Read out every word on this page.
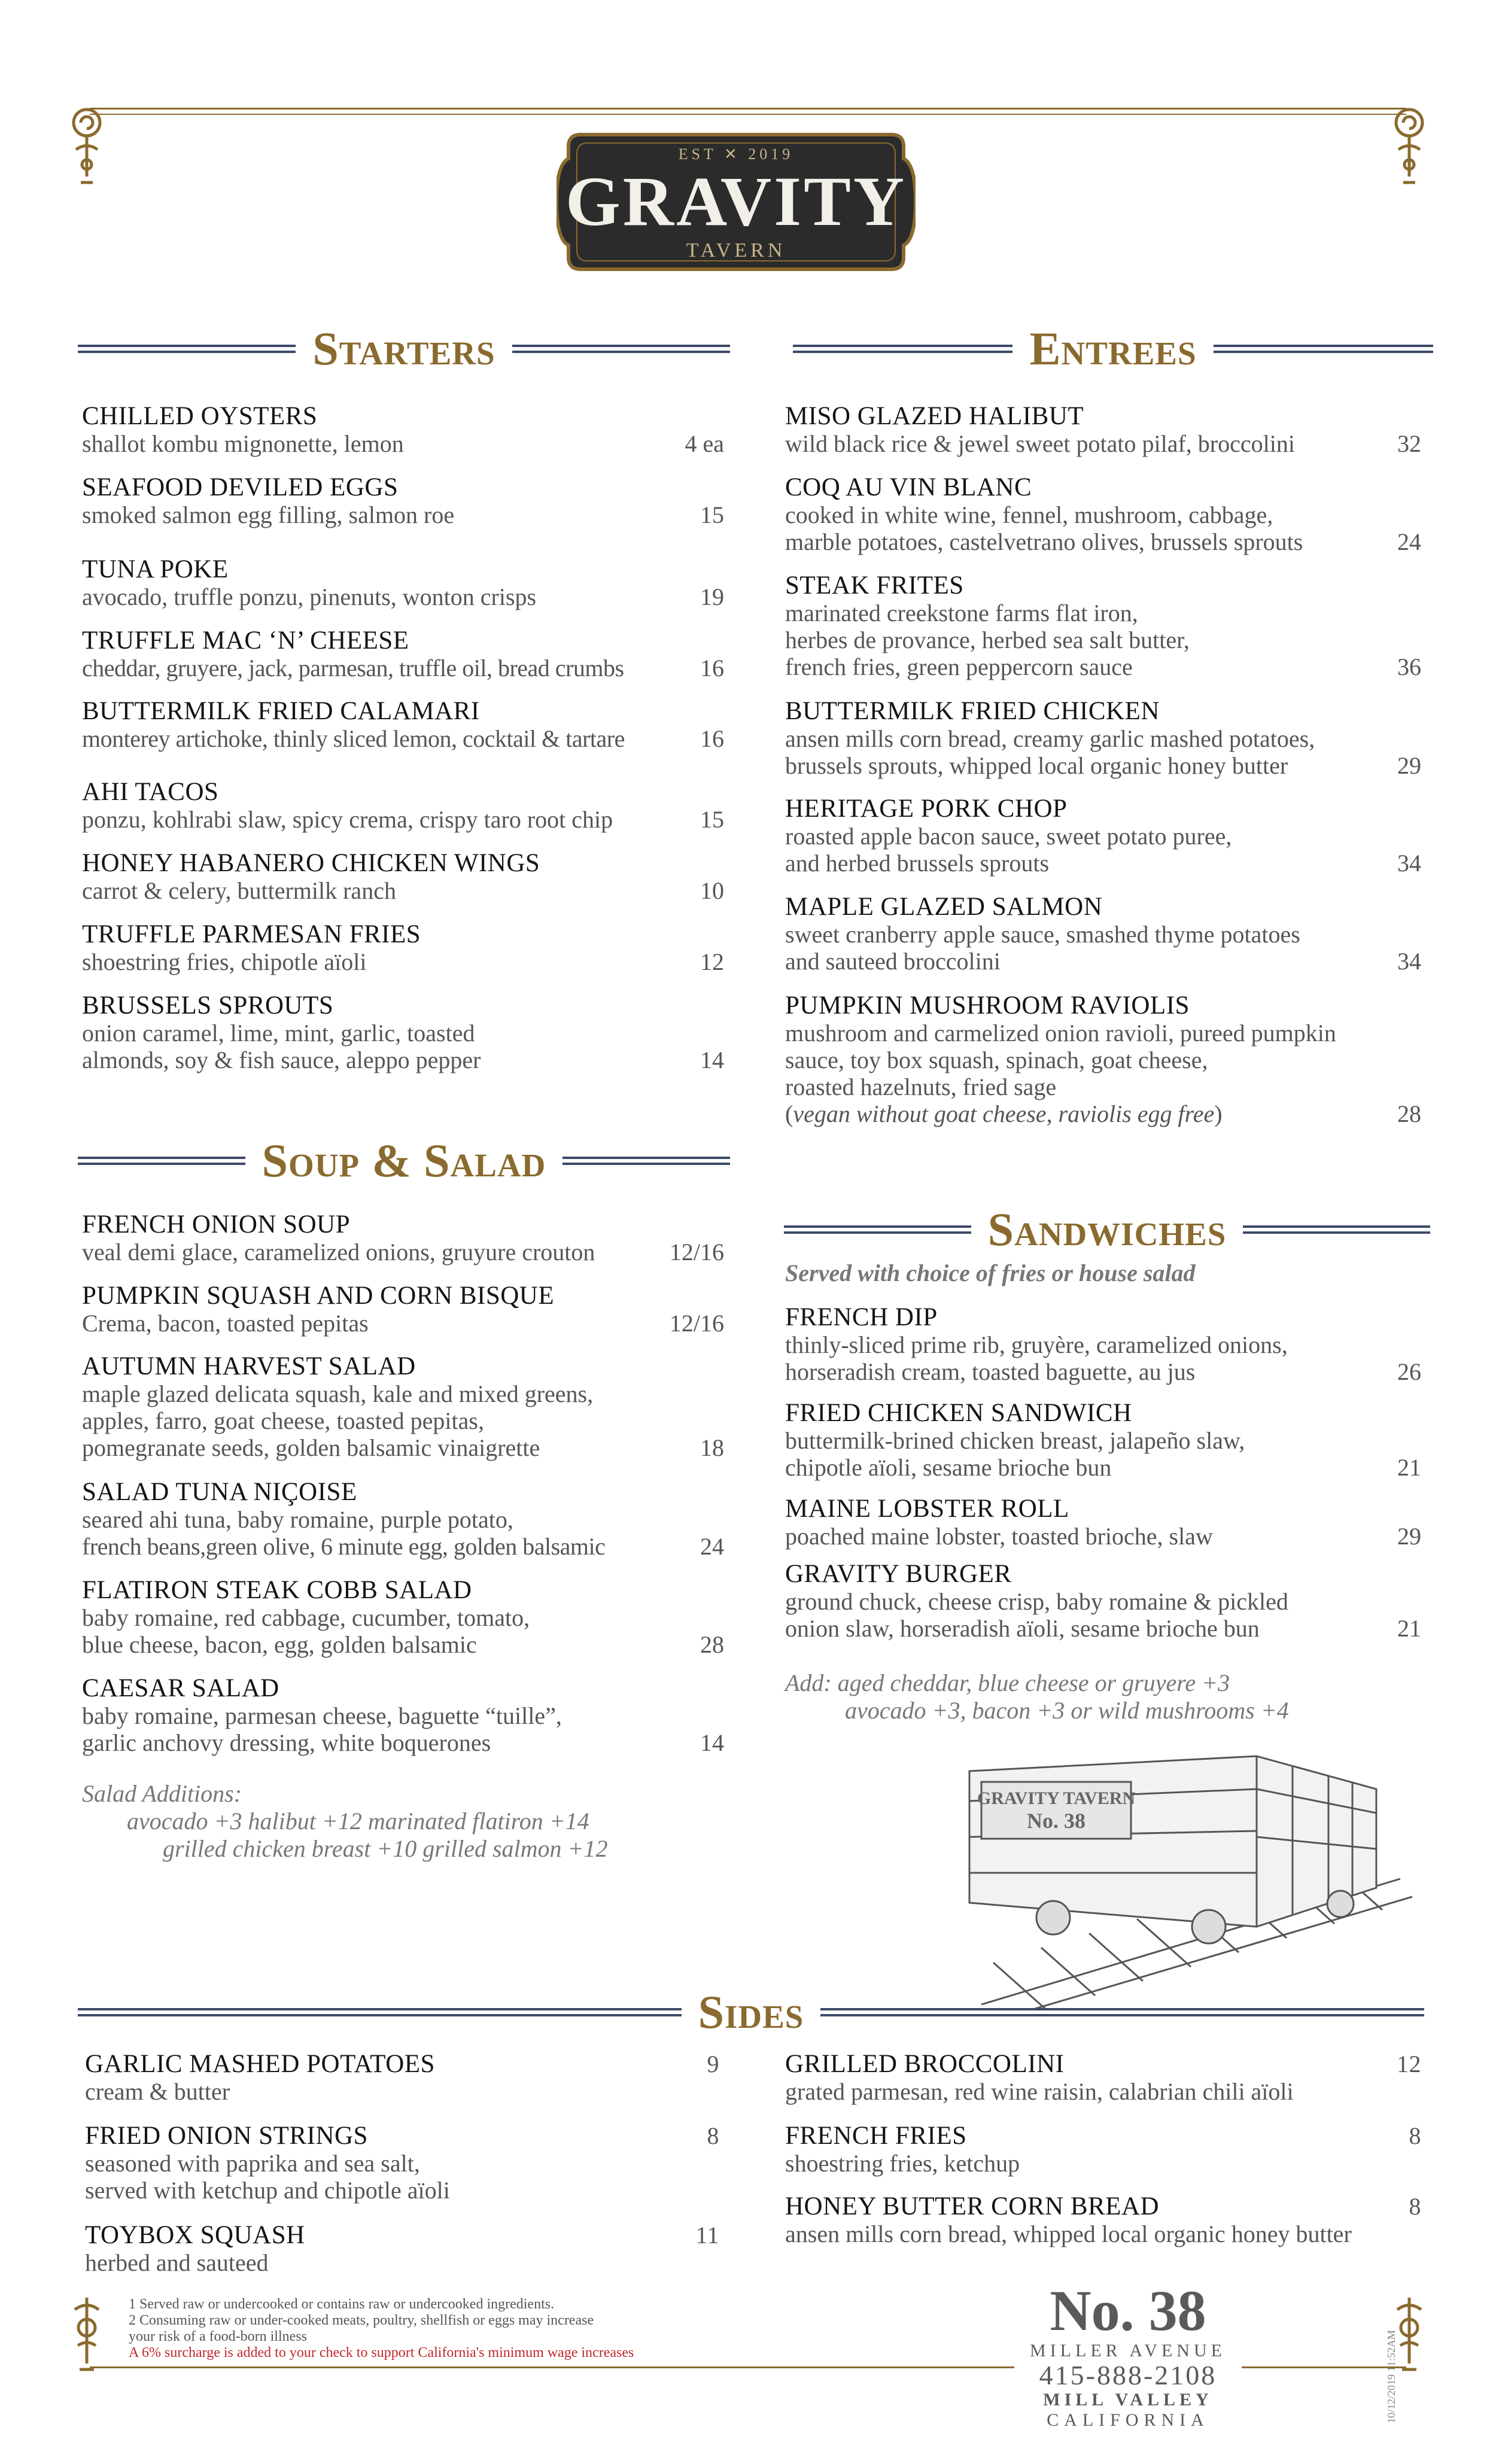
EST ✕ 2019
GRAVITY
TAVERN
Starters	Entrees
CHILLED OYSTERS
shallot kombu mignonette, lemon	4 ea
SEAFOOD DEVILED EGGS
smoked salmon egg filling, salmon roe	15
TUNA POKE
avocado, truffle ponzu, pinenuts, wonton crisps	19
TRUFFLE MAC ‘N’ CHEESE
cheddar, gruyere, jack, parmesan, truffle oil, bread crumbs	16
BUTTERMILK FRIED CALAMARI
monterey artichoke, thinly sliced lemon, cocktail & tartare	16
AHI TACOS
ponzu, kohlrabi slaw, spicy crema, crispy taro root chip	15
HONEY HABANERO CHICKEN WINGS
carrot & celery, buttermilk ranch	10
TRUFFLE PARMESAN FRIES
shoestring fries, chipotle aïoli	12
BRUSSELS SPROUTS
onion caramel, lime, mint, garlic, toasted
almonds, soy & fish sauce, aleppo pepper	14
Soup & Salad
FRENCH ONION SOUP
veal demi glace, caramelized onions, gruyure crouton	12/16
PUMPKIN SQUASH AND CORN BISQUE
Crema, bacon, toasted pepitas	12/16
AUTUMN HARVEST SALAD
maple glazed delicata squash, kale and mixed greens,
apples, farro, goat cheese, toasted pepitas,
pomegranate seeds, golden balsamic vinaigrette	18
SALAD TUNA NIÇOISE
seared ahi tuna, baby romaine, purple potato,
french beans,green olive, 6 minute egg, golden balsamic	24
FLATIRON STEAK COBB SALAD
baby romaine, red cabbage, cucumber, tomato,
blue cheese, bacon, egg, golden balsamic	28
CAESAR SALAD
baby romaine, parmesan cheese, baguette “tuille”,
garlic anchovy dressing, white boquerones	14
Salad Additions:
avocado +3 halibut +12 marinated flatiron +14
grilled chicken breast +10 grilled salmon +12
MISO GLAZED HALIBUT
wild black rice & jewel sweet potato pilaf, broccolini	32
COQ AU VIN BLANC
cooked in white wine, fennel, mushroom, cabbage,
marble potatoes, castelvetrano olives, brussels sprouts	24
STEAK FRITES
marinated creekstone farms flat iron,
herbes de provance, herbed sea salt butter,
french fries, green peppercorn sauce	36
BUTTERMILK FRIED CHICKEN
ansen mills corn bread, creamy garlic mashed potatoes,
brussels sprouts, whipped local organic honey butter	29
HERITAGE PORK CHOP
roasted apple bacon sauce, sweet potato puree,
and herbed brussels sprouts	34
MAPLE GLAZED SALMON
sweet cranberry apple sauce, smashed thyme potatoes
and sauteed broccolini	34
PUMPKIN MUSHROOM RAVIOLIS
mushroom and carmelized onion ravioli, pureed pumpkin
sauce, toy box squash, spinach, goat cheese,
roasted hazelnuts, fried sage
(vegan without goat cheese, raviolis egg free)	28
Sandwiches
Served with choice of fries or house salad
FRENCH DIP
thinly-sliced prime rib, gruyère, caramelized onions,
horseradish cream, toasted baguette, au jus	26
FRIED CHICKEN SANDWICH
buttermilk-brined chicken breast, jalapeño slaw,
chipotle aïoli, sesame brioche bun	21
MAINE LOBSTER ROLL
poached maine lobster, toasted brioche, slaw	29
GRAVITY BURGER
ground chuck, cheese crisp, baby romaine & pickled
onion slaw, horseradish aïoli, sesame brioche bun	21
Add: aged cheddar, blue cheese or gruyere +3
avocado +3, bacon +3 or wild mushrooms +4
GRAVITY TAVERN
No. 38
Sides
GARLIC MASHED POTATOES	9
cream & butter
FRIED ONION STRINGS	8
seasoned with paprika and sea salt,
served with ketchup and chipotle aïoli
TOYBOX SQUASH	11
herbed and sauteed
GRILLED BROCCOLINI	12
grated parmesan, red wine raisin, calabrian chili aïoli
FRENCH FRIES	8
shoestring fries, ketchup
HONEY BUTTER CORN BREAD	8
ansen mills corn bread, whipped local organic honey butter
1 Served raw or undercooked or contains raw or undercooked ingredients.
2 Consuming raw or under-cooked meats, poultry, shellfish or eggs may increase
your risk of a food-born illness
A 6% surcharge is added to your check to support California's minimum wage increases
No. 38
MILLER AVENUE
415-888-2108
MILL VALLEY
CALIFORNIA	10/12/2019 11:52AM
